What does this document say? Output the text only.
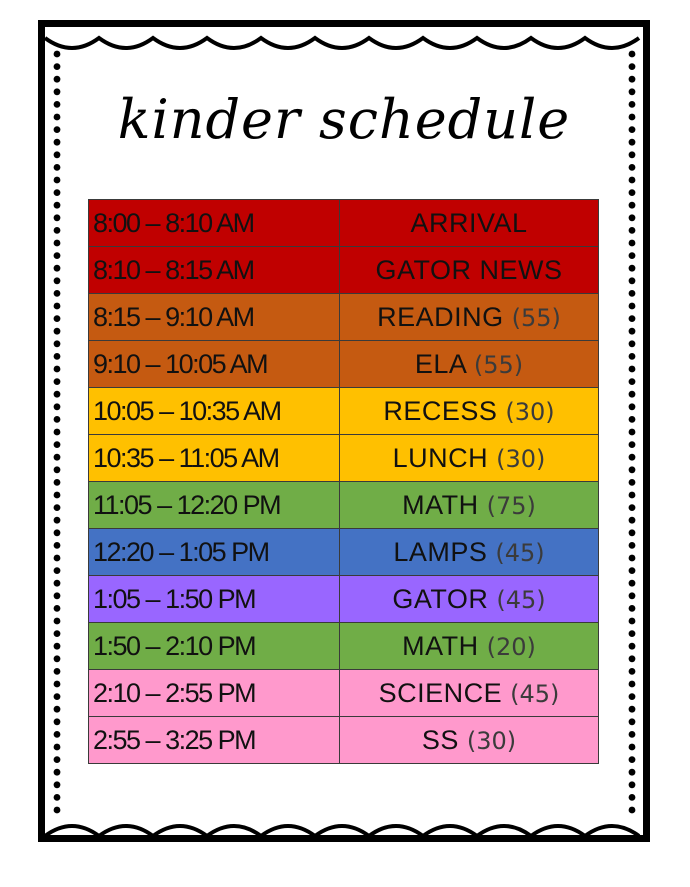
kinder schedule
8:00 – 8:10 AM	ARRIVAL
8:10 – 8:15 AM	GATOR NEWS
8:15 – 9:10 AM	READING (55)
9:10 – 10:05 AM	ELA (55)
10:05 – 10:35 AM	RECESS (30)
10:35 – 11:05 AM	LUNCH (30)
11:05 – 12:20 PM	MATH (75)
12:20 – 1:05 PM	LAMPS (45)
1:05 – 1:50 PM	GATOR (45)
1:50 – 2:10 PM	MATH (20)
2:10 – 2:55 PM	SCIENCE (45)
2:55 – 3:25 PM	SS (30)
